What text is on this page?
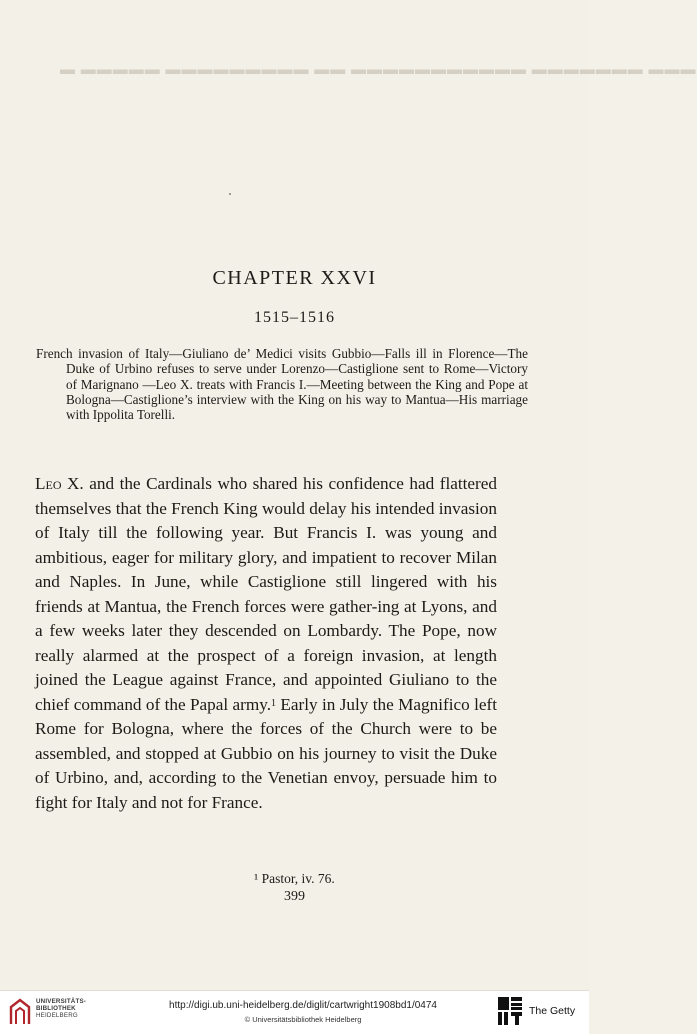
▬ ▬▬▬▬▬ ▬▬▬▬▬▬▬▬▬ ▬▬ ▬▬▬▬▬▬▬▬▬▬▬ ▬▬▬▬▬▬▬ ▬▬▬
CHAPTER XXVI
1515–1516

French invasion of Italy—Giuliano de’ Medici visits Gubbio—Falls ill in Florence—The Duke of Urbino refuses to serve under Lorenzo—Castiglione sent to Rome—Victory of Marignano —Leo X. treats with Francis I.—Meeting between the King and Pope at Bologna—Castiglione’s interview with the King on his way to Mantua—His marriage with Ippolita Torelli.

Leo X. and the Cardinals who shared his confidence had flattered themselves that the French King would delay his intended invasion of Italy till the following year. But Francis I. was young and ambitious, eager for military glory, and impatient to recover Milan and Naples. In June, while Castiglione still lingered with his friends at Mantua, the French forces were gather-ing at Lyons, and a few weeks later they descended on Lombardy. The Pope, now really alarmed at the prospect of a foreign invasion, at length joined the League against France, and appointed Giuliano to the chief command of the Papal army.$^1$ Early in July the Magnifico left Rome for Bologna, where the forces of the Church were to be assembled, and stopped at Gubbio on his journey to visit the Duke of Urbino, and, according to the Venetian envoy, persuade him to fight for Italy and not for France.

¹ Pastor, iv. 76.

399

UNIVERSITÄTS-
BIBLIOTHEK
HEIDELBERG
http://digi.ub.uni-heidelberg.de/diglit/cartwright1908bd1/0474
© Universitätsbibliothek Heidelberg
The Getty
